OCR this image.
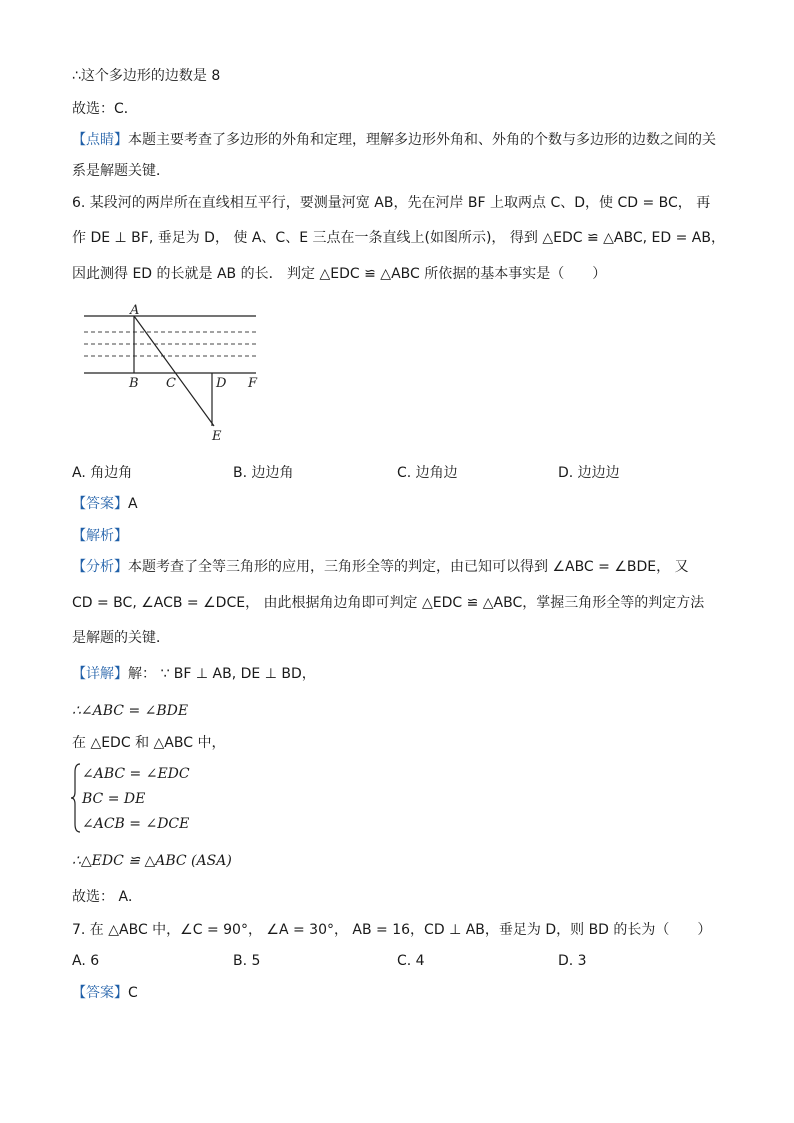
∴这个多边形的边数是 8
故选：C．
【点睛】本题主要考查了多边形的外角和定理，理解多边形外角和、外角的个数与多边形的边数之间的关
系是解题关键．
6. 某段河的两岸所在直线相互平行，要测量河宽 AB，先在河岸 BF 上取两点 C、D，使 CD = BC， 再
作 DE ⊥ BF, 垂足为 D， 使 A、C、E 三点在一条直线上(如图所示)， 得到 △EDC ≌ △ABC, ED = AB，
因此测得 ED 的长就是 AB 的长． 判定 △EDC ≌ △ABC 所依据的基本事实是（　　）
A
B C	D F
E
A. 角边角	B. 边边角	C. 边角边	D. 边边边
【答案】A
【解析】
【分析】本题考查了全等三角形的应用，三角形全等的判定，由已知可以得到 ∠ABC = ∠BDE， 又
CD = BC, ∠ACB = ∠DCE， 由此根据角边角即可判定 △EDC ≌ △ABC，掌握三角形全等的判定方法
是解题的关键．
【详解】解： ∵ BF ⊥ AB, DE ⊥ BD，
∴∠ABC = ∠BDE
在 △EDC 和 △ABC 中，
∠ABC = ∠EDC
BC = DE
∠ACB = ∠DCE
∴△EDC ≌ △ABC (ASA)
故选： A．
7. 在 △ABC 中，∠C = 90°， ∠A = 30°， AB = 16，CD ⊥ AB，垂足为 D，则 BD 的长为（　　）
A. 6	B. 5	C. 4	D. 3
【答案】C
